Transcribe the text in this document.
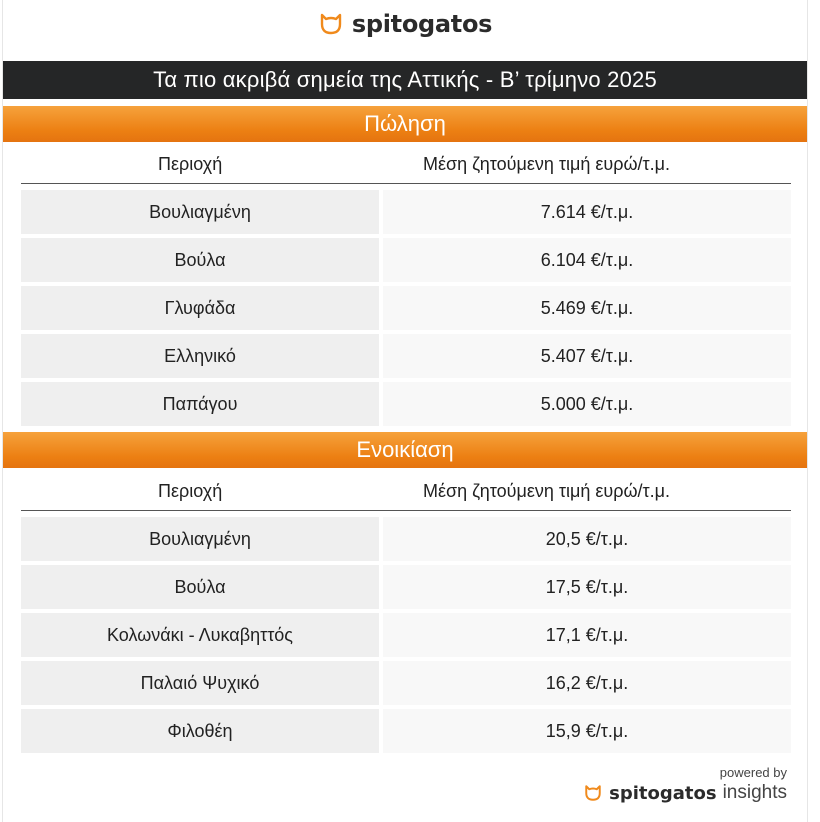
spitogatos
Τα πιο ακριβά σημεία της Αττικής - Β’ τρίμηνο 2025
Πώληση
Περιοχή	Μέση ζητούμενη τιμή ευρώ/τ.μ.
Βουλιαγμένη	7.614 €/τ.μ.
Βούλα	6.104 €/τ.μ.
Γλυφάδα	5.469 €/τ.μ.
Ελληνικό	5.407 €/τ.μ.
Παπάγου	5.000 €/τ.μ.
Ενοικίαση
Περιοχή	Μέση ζητούμενη τιμή ευρώ/τ.μ.
Βουλιαγμένη	20,5 €/τ.μ.
Βούλα	17,5 €/τ.μ.
Κολωνάκι - Λυκαβηττός	17,1 €/τ.μ.
Παλαιό Ψυχικό	16,2 €/τ.μ.
Φιλοθέη	15,9 €/τ.μ.
powered by
spitogatos insights
